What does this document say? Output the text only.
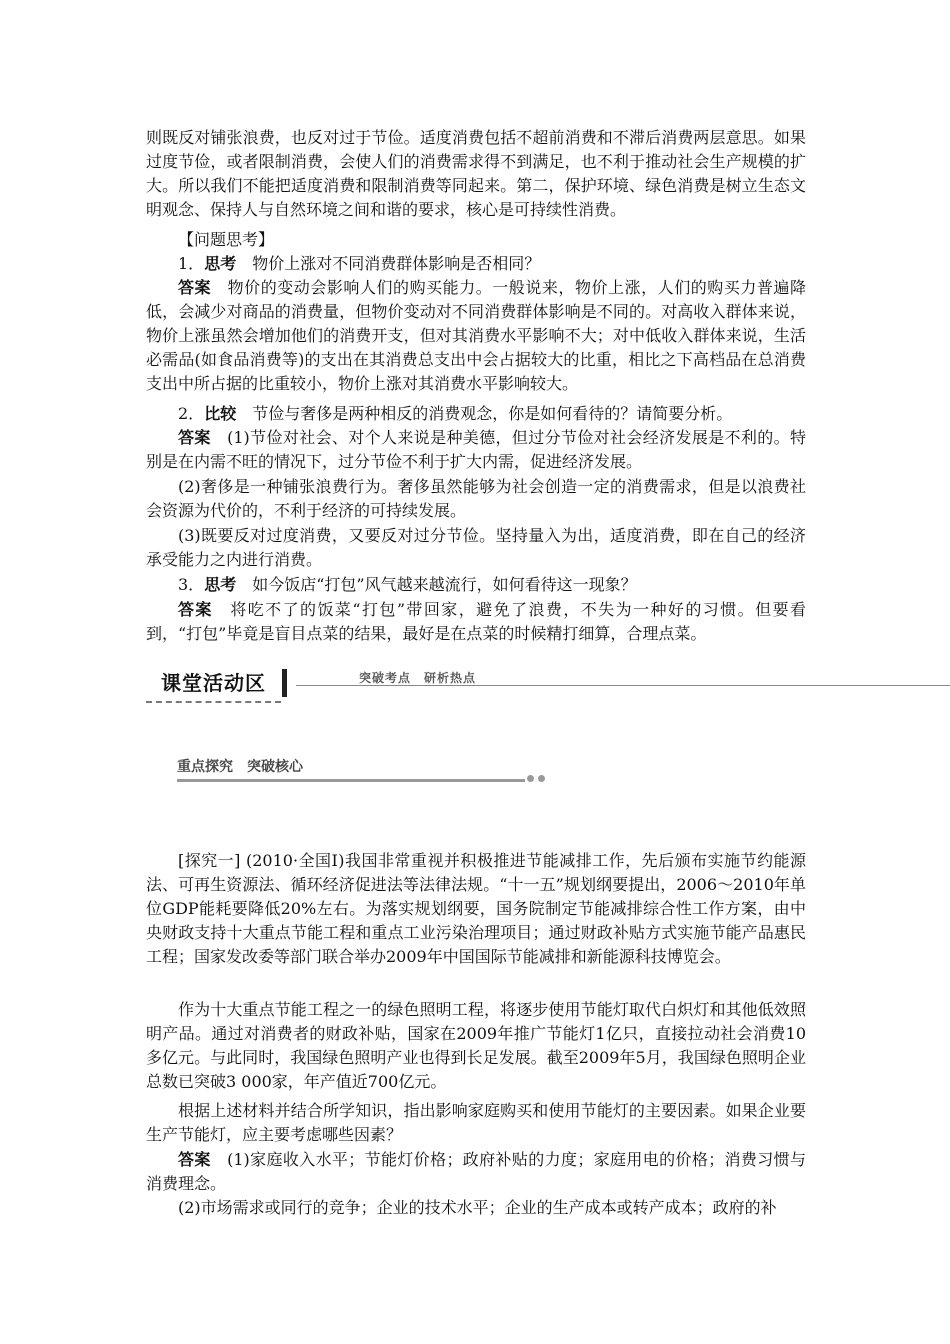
则既反对铺张浪费，也反对过于节俭。适度消费包括不超前消费和不滞后消费两层意思。如果过度节俭，或者限制消费，会使人们的消费需求得不到满足，也不利于推动社会生产规模的扩大。所以我们不能把适度消费和限制消费等同起来。第二，保护环境、绿色消费是树立生态文明观念、保持人与自然环境之间和谐的要求，核心是可持续性消费。

【问题思考】

1．思考　 物价上涨对不同消费群体影响是否相同？

答案　 物价的变动会影响人们的购买能力。一般说来，物价上涨，人们的购买力普遍降低，会减少对商品的消费量，但物价变动对不同消费群体影响是不同的。对高收入群体来说，物价上涨虽然会增加他们的消费开支，但对其消费水平影响不大；对中低收入群体来说，生活必需品(如食品消费等)的支出在其消费总支出中会占据较大的比重，相比之下高档品在总消费支出中所占据的比重较小，物价上涨对其消费水平影响较大。

2．比较　 节俭与奢侈是两种相反的消费观念，你是如何看待的？请简要分析。

答案　 (1)节俭对社会、对个人来说是种美德，但过分节俭对社会经济发展是不利的。特别是在内需不旺的情况下，过分节俭不利于扩大内需，促进经济发展。

(2)奢侈是一种铺张浪费行为。奢侈虽然能够为社会创造一定的消费需求，但是以浪费社会资源为代价的，不利于经济的可持续发展。

(3)既要反对过度消费，又要反对过分节俭。坚持量入为出，适度消费，即在自己的经济承受能力之内进行消费。

3．思考　 如今饭店“打包”风气越来越流行，如何看待这一现象？

答案　 将吃不了的饭菜“打包”带回家，避免了浪费，不失为一种好的习惯。但要看到，“打包”毕竟是盲目点菜的结果，最好是在点菜的时候精打细算，合理点菜。

课堂活动区	突破考点　研析热点
重点探究　突破核心

[探究一] (2010·全国Ⅰ)我国非常重视并积极推进节能减排工作，先后颁布实施节约能源法、可再生资源法、循环经济促进法等法律法规。“十一五”规划纲要提出，2006～2010年单位GDP能耗要降低20%左右。为落实规划纲要，国务院制定节能减排综合性工作方案，由中央财政支持十大重点节能工程和重点工业污染治理项目；通过财政补贴方式实施节能产品惠民工程；国家发改委等部门联合举办2009年中国国际节能减排和新能源科技博览会。

作为十大重点节能工程之一的绿色照明工程，将逐步使用节能灯取代白炽灯和其他低效照明产品。通过对消费者的财政补贴，国家在2009年推广节能灯1亿只，直接拉动社会消费10多亿元。与此同时，我国绿色照明产业也得到长足发展。截至2009年5月，我国绿色照明企业总数已突破3 000家，年产值近700亿元。

根据上述材料并结合所学知识，指出影响家庭购买和使用节能灯的主要因素。如果企业要生产节能灯，应主要考虑哪些因素？

答案　 (1)家庭收入水平；节能灯价格；政府补贴的力度；家庭用电的价格；消费习惯与消费理念。

(2)市场需求或同行的竞争；企业的技术水平；企业的生产成本或转产成本；政府的补
